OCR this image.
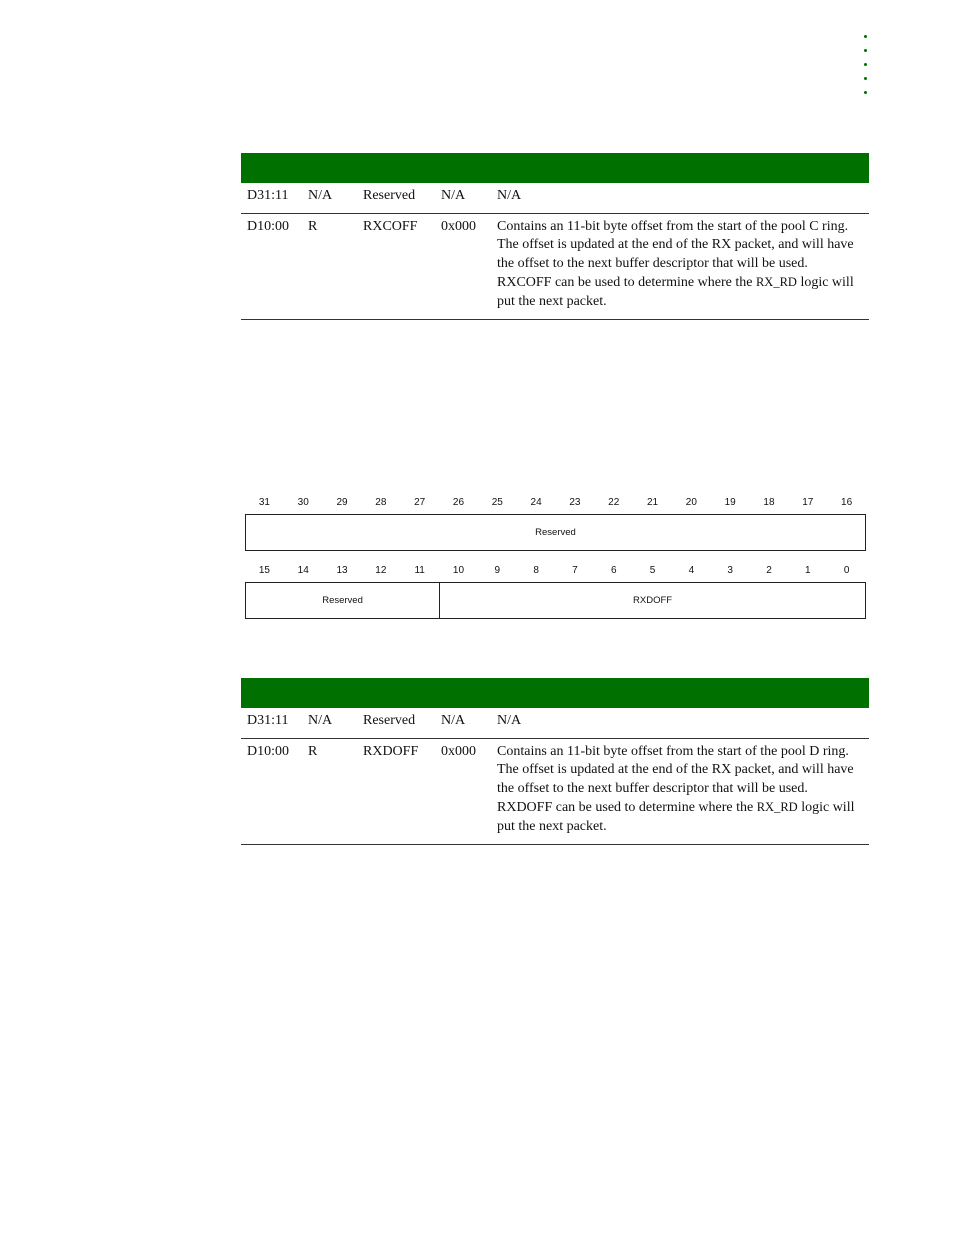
D31:11	N/A	Reserved	N/A	N/A
D10:00	R	RXCOFF	0x000	Contains an 11-bit byte offset from the start of the pool C ring. The offset is updated at the end of the RX packet, and will have the offset to the next buffer descriptor that will be used. RXCOFF can be used to determine where the RX_RD logic will put the next packet.
31	30	29	28	27	26	25	24	23	22	21	20	19	18	17	16
Reserved
15	14	13	12	11	10	9	8	7	6	5	4	3	2	1	0
Reserved	RXDOFF

D31:11	N/A	Reserved	N/A	N/A
D10:00	R	RXDOFF	0x000	Contains an 11-bit byte offset from the start of the pool D ring. The offset is updated at the end of the RX packet, and will have the offset to the next buffer descriptor that will be used. RXDOFF can be used to determine where the RX_RD logic will put the next packet.
